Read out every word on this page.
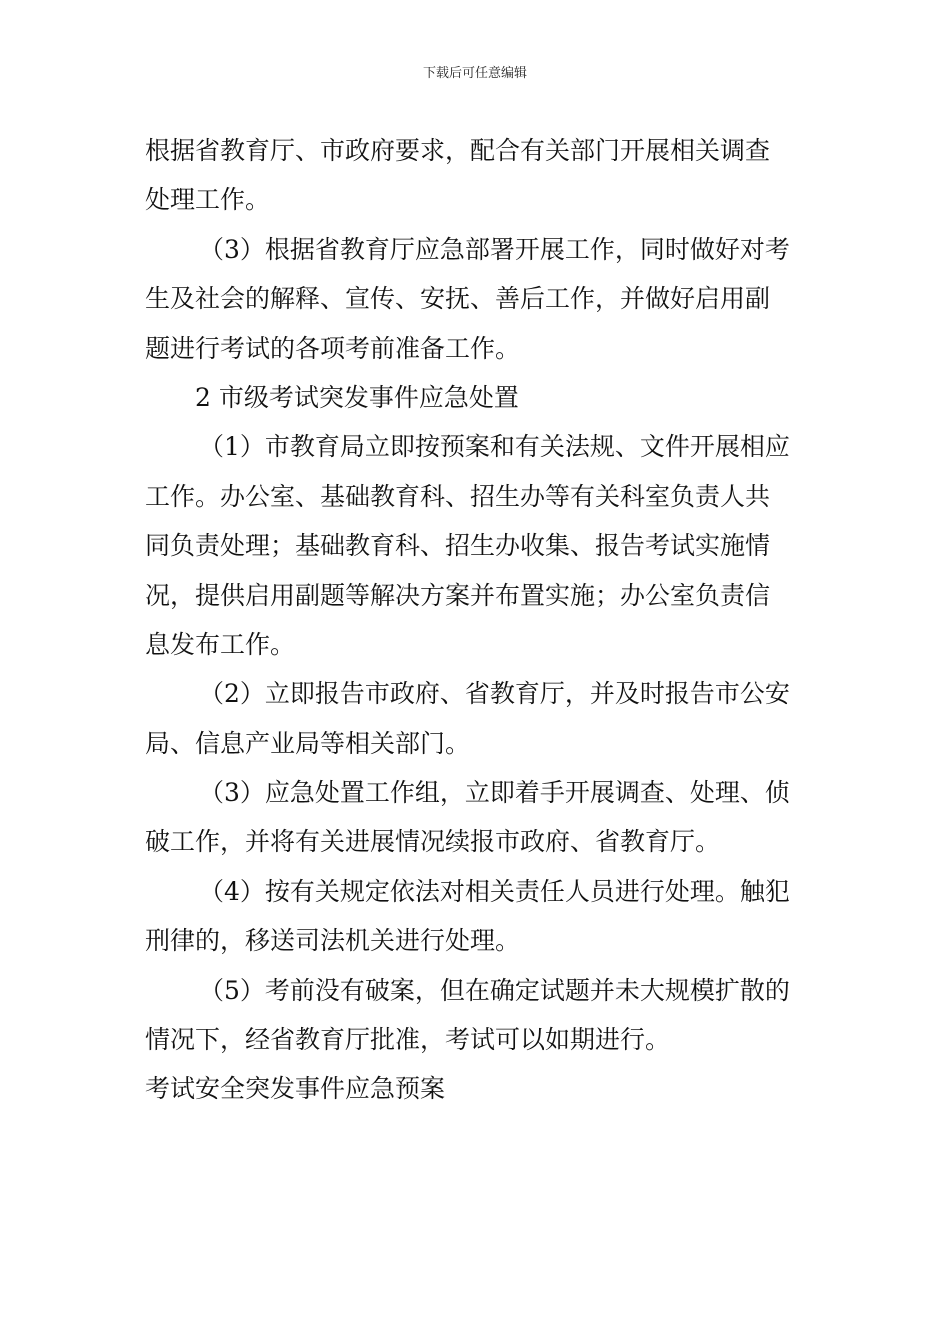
下载后可任意编辑
根据省教育厅、市政府要求，配合有关部门开展相关调查
处理工作。
（3）根据省教育厅应急部署开展工作，同时做好对考
生及社会的解释、宣传、安抚、善后工作，并做好启用副
题进行考试的各项考前准备工作。
2 市级考试突发事件应急处置
（1）市教育局立即按预案和有关法规、文件开展相应
工作。办公室、基础教育科、招生办等有关科室负责人共
同负责处理；基础教育科、招生办收集、报告考试实施情
况，提供启用副题等解决方案并布置实施；办公室负责信
息发布工作。
（2）立即报告市政府、省教育厅，并及时报告市公安
局、信息产业局等相关部门。
（3）应急处置工作组，立即着手开展调查、处理、侦
破工作，并将有关进展情况续报市政府、省教育厅。
（4）按有关规定依法对相关责任人员进行处理。触犯
刑律的，移送司法机关进行处理。
（5）考前没有破案，但在确定试题并未大规模扩散的
情况下，经省教育厅批准，考试可以如期进行。
考试安全突发事件应急预案
